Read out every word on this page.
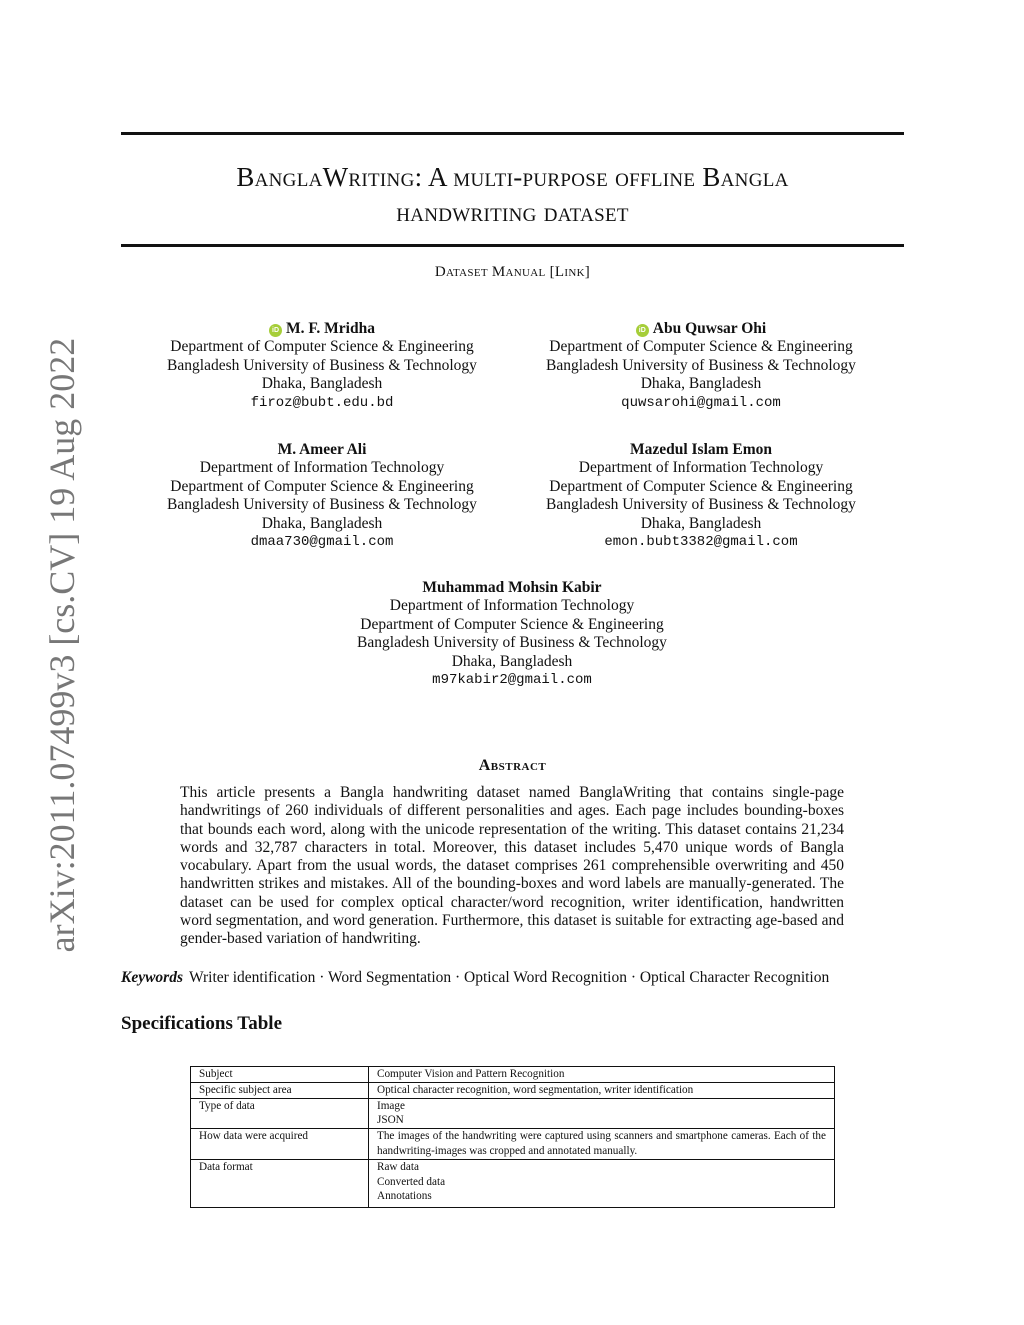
arXiv:2011.07499v3 [cs.CV] 19 Aug 2022
BanglaWriting: A multi-purpose offline Bangla
handwriting dataset
Dataset Manual [Link]
iD M. F. Mridha
Department of Computer Science & Engineering
Bangladesh University of Business & Technology
Dhaka, Bangladesh
firoz@bubt.edu.bd
iD Abu Quwsar Ohi
Department of Computer Science & Engineering
Bangladesh University of Business & Technology
Dhaka, Bangladesh
quwsarohi@gmail.com
M. Ameer Ali
Department of Information Technology
Department of Computer Science & Engineering
Bangladesh University of Business & Technology
Dhaka, Bangladesh
dmaa730@gmail.com
Mazedul Islam Emon
Department of Information Technology
Department of Computer Science & Engineering
Bangladesh University of Business & Technology
Dhaka, Bangladesh
emon.bubt3382@gmail.com
Muhammad Mohsin Kabir
Department of Information Technology
Department of Computer Science & Engineering
Bangladesh University of Business & Technology
Dhaka, Bangladesh
m97kabir2@gmail.com
Abstract
This article presents a Bangla handwriting dataset named BanglaWriting that contains single-page handwritings of 260 individuals of different personalities and ages. Each page includes bounding-boxes that bounds each word, along with the unicode representation of the writing. This dataset contains 21,234 words and 32,787 characters in total. Moreover, this dataset includes 5,470 unique words of Bangla vocabulary. Apart from the usual words, the dataset comprises 261 comprehensible overwriting and 450 handwritten strikes and mistakes. All of the bounding-boxes and word labels are manually-generated. The dataset can be used for complex optical character/word recognition, writer identification, handwritten word segmentation, and word generation. Furthermore, this dataset is suitable for extracting age-based and gender-based variation of handwriting.
Keywords Writer identification · Word Segmentation · Optical Word Recognition · Optical Character Recognition
Specifications Table
Subject	Computer Vision and Pattern Recognition

Specific subject area	Optical character recognition, word segmentation, writer identification

Type of data	Image
JSON

How data were acquired	The images of the handwriting were captured using scanners and smartphone cameras. Each of the handwriting-images was cropped and annotated manually.

Data format	Raw data
Converted data
Annotations
